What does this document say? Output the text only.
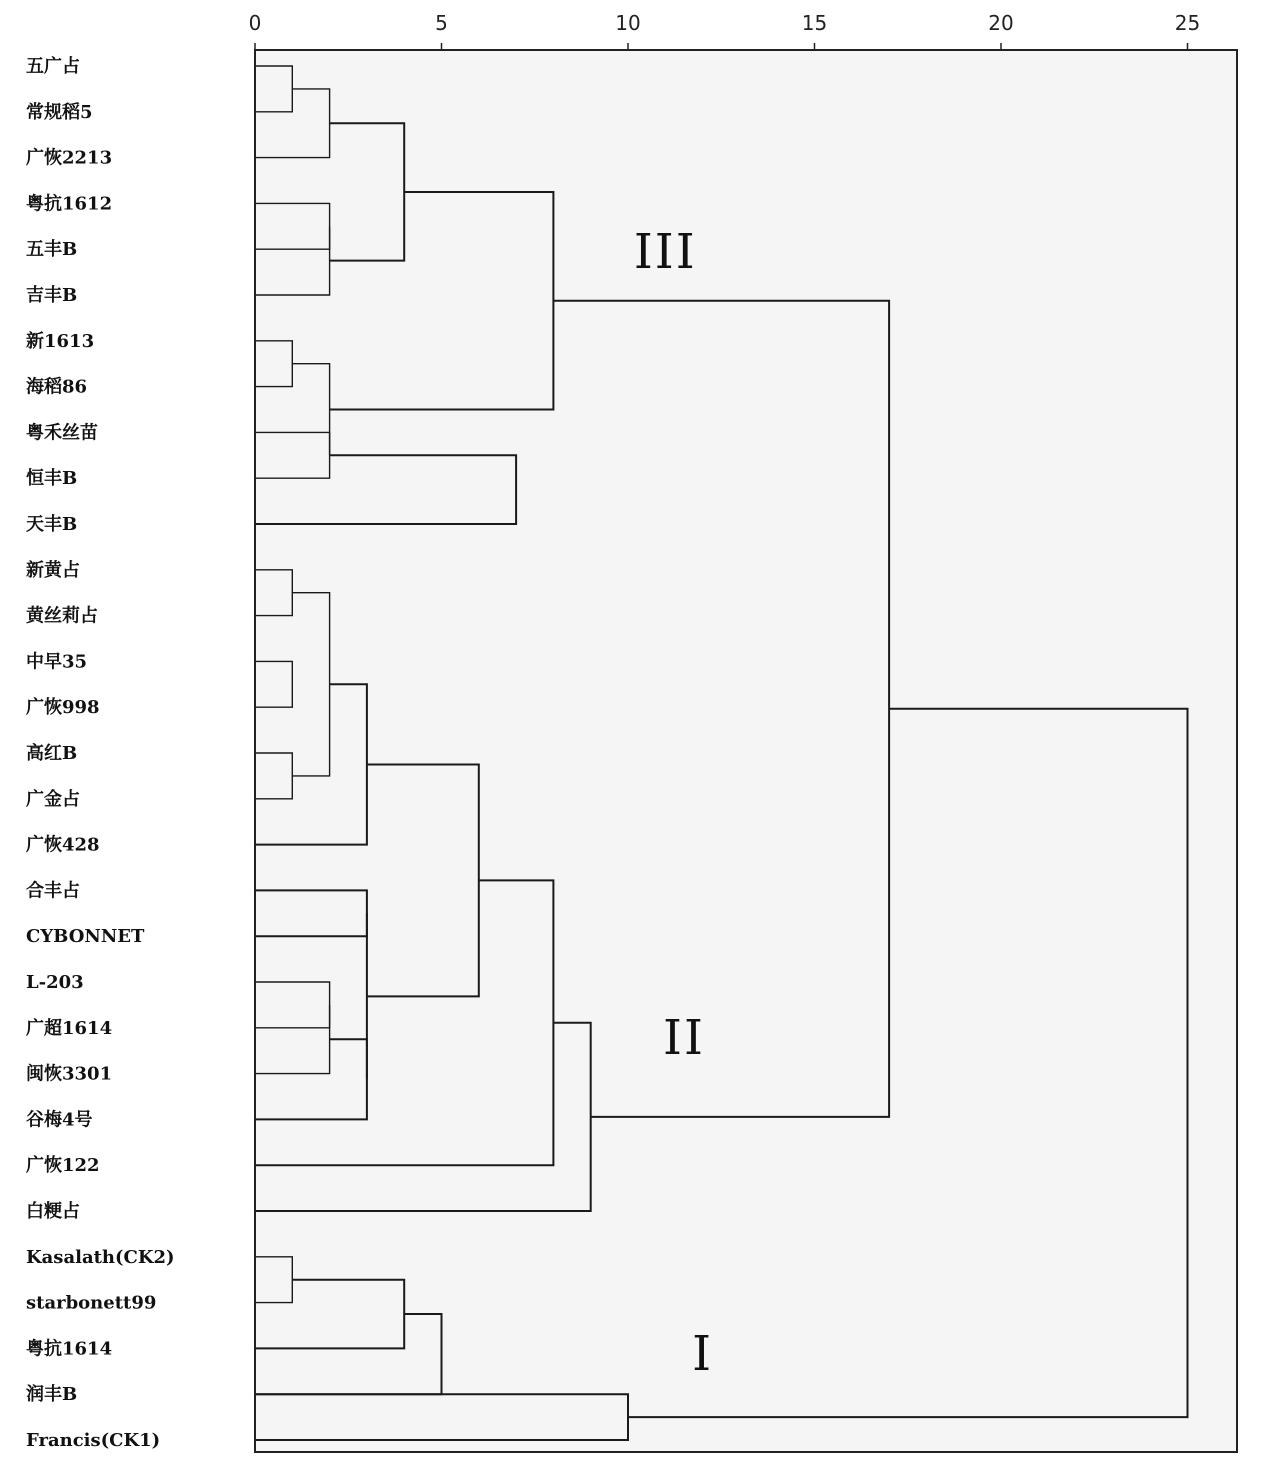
0	5	10	15	20	25
五广占
常规稻5
广恢2213
粤抗1612
五丰B
吉丰B
新1613
海稻86
粤禾丝苗
恒丰B
天丰B
新黄占
黄丝莉占
中早35
广恢998
高红B
广金占
广恢428
合丰占
CYBONNET
L-203
广超1614
闽恢3301
谷梅4号
广恢122
白粳占
Kasalath(CK2)
starbonett99
粤抗1614
润丰B
Francis(CK1)
III
II
I
